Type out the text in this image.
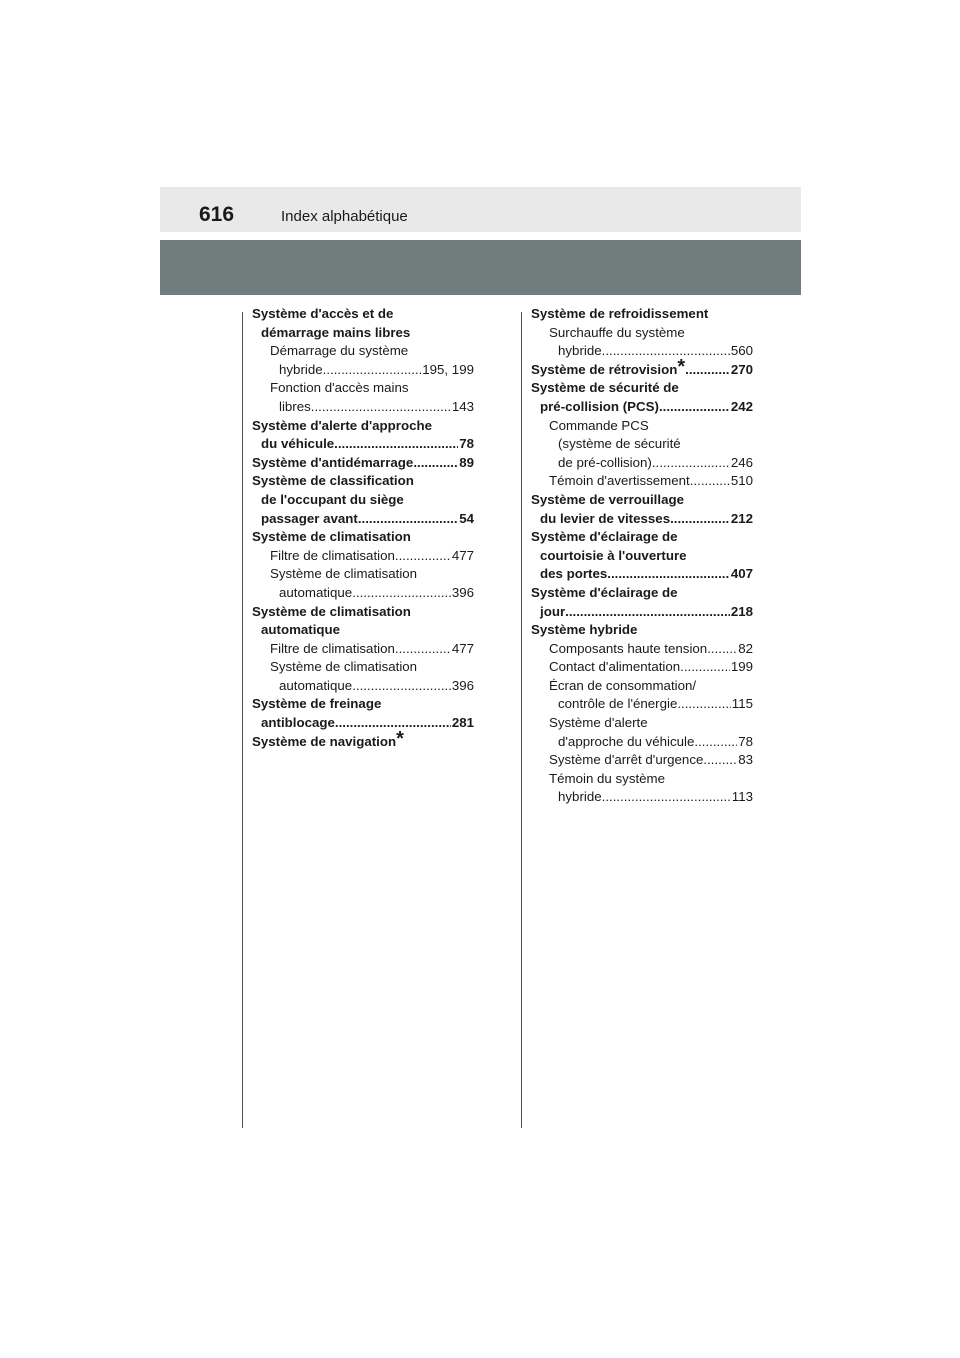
616	Index alphabétique
Système d'accès et de
démarrage mains libres
Démarrage du système
hybride .....	195, 199
Fonction d'accès mains
libres .....	143
Système d'alerte d'approche
du véhicule .....	78
Système d'antidémarrage .....	89
Système de classification
de l'occupant du siège
passager avant .....	54
Système de climatisation
Filtre de climatisation .....	477
Système de climatisation
automatique .....	396
Système de climatisation
automatique
Filtre de climatisation .....	477
Système de climatisation
automatique .....	396
Système de freinage
antiblocage .....	281
Système de navigation*
Système de refroidissement
Surchauffe du système
hybride .....	560
Système de rétrovision* .....	270
Système de sécurité de
pré-collision (PCS) .....	242
Commande PCS
(système de sécurité
de pré-collision) .....	246
Témoin d'avertissement .....	510
Système de verrouillage
du levier de vitesses .....	212
Système d'éclairage de
courtoisie à l'ouverture
des portes .....	407
Système d'éclairage de
jour .....	218
Système hybride
Composants haute tension ..... 82
Contact d'alimentation .....	199
Écran de consommation/
contrôle de l'énergie .....	115
Système d'alerte
d'approche du véhicule .....	78
Système d'arrêt d'urgence .....	83
Témoin du système
hybride .....	113
